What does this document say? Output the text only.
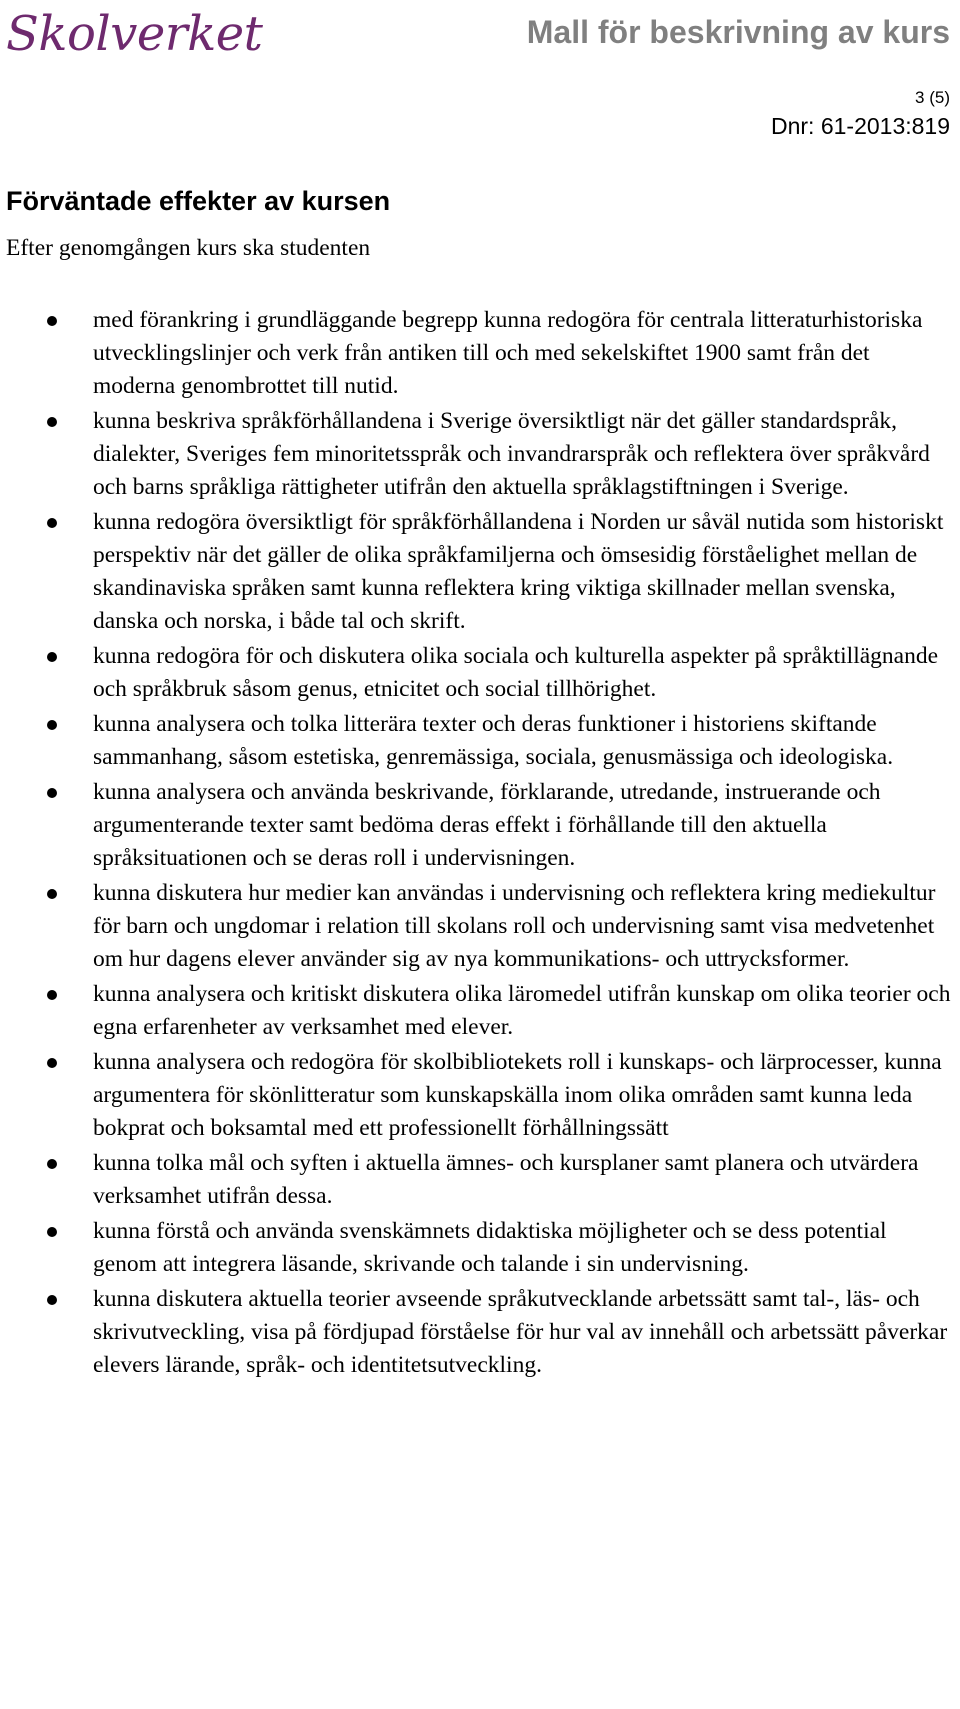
Skolverket	Mall för beskrivning av kurs
3 (5)
Dnr: 61-2013:819
Förväntade effekter av kursen

Efter genomgången kurs ska studenten

med förankring i grundläggande begrepp kunna redogöra för centrala litteraturhistoriska utvecklingslinjer och verk från antiken till och med sekelskiftet 1900 samt från det moderna genombrottet till nutid.
kunna beskriva språkförhållandena i Sverige översiktligt när det gäller standardspråk, dialekter, Sveriges fem minoritetsspråk och invandrarspråk och reflektera över språkvård och barns språkliga rättigheter utifrån den aktuella språklagstiftningen i Sverige.
kunna redogöra översiktligt för språkförhållandena i Norden ur såväl nutida som historiskt perspektiv när det gäller de olika språkfamiljerna och ömsesidig förståelighet mellan de skandinaviska språken samt kunna reflektera kring viktiga skillnader mellan svenska, danska och norska, i både tal och skrift.
kunna redogöra för och diskutera olika sociala och kulturella aspekter på språktillägnande och språkbruk såsom genus, etnicitet och social tillhörighet.
kunna analysera och tolka litterära texter och deras funktioner i historiens skiftande sammanhang, såsom estetiska, genremässiga, sociala, genusmässiga och ideologiska.
kunna analysera och använda beskrivande, förklarande, utredande, instruerande och argumenterande texter samt bedöma deras effekt i förhållande till den aktuella språksituationen och se deras roll i undervisningen.
kunna diskutera hur medier kan användas i undervisning och reflektera kring mediekultur för barn och ungdomar i relation till skolans roll och undervisning samt visa medvetenhet om hur dagens elever använder sig av nya kommunikations- och uttrycksformer.
kunna analysera och kritiskt diskutera olika läromedel utifrån kunskap om olika teorier och egna erfarenheter av verksamhet med elever.
kunna analysera och redogöra för skolbibliotekets roll i kunskaps- och lärprocesser, kunna argumentera för skönlitteratur som kunskapskälla inom olika områden samt kunna leda bokprat och boksamtal med ett professionellt förhållningssätt
kunna tolka mål och syften i aktuella ämnes- och kursplaner samt planera och utvärdera verksamhet utifrån dessa.
kunna förstå och använda svenskämnets didaktiska möjligheter och se dess potential genom att integrera läsande, skrivande och talande i sin undervisning.
kunna diskutera aktuella teorier avseende språkutvecklande arbetssätt samt tal-, läs- och skrivutveckling, visa på fördjupad förståelse för hur val av innehåll och arbetssätt påverkar elevers lärande, språk- och identitetsutveckling.
